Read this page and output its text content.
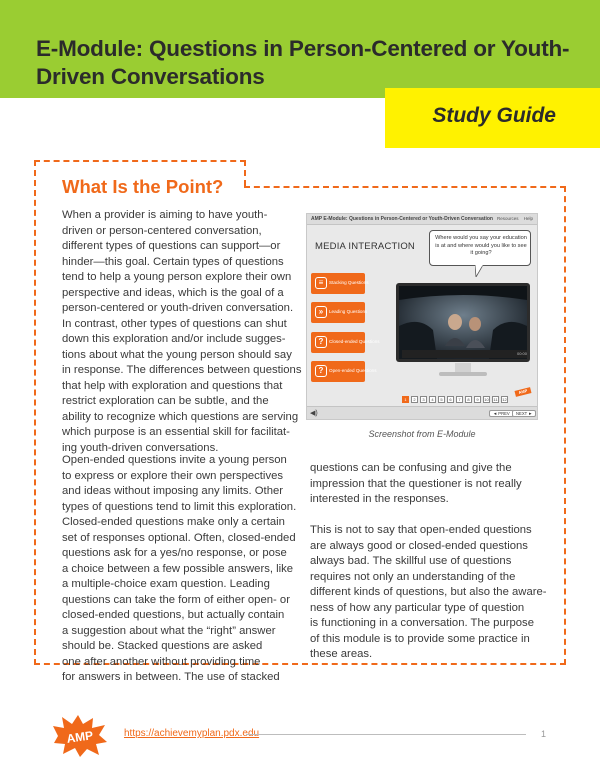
E-Module: Questions in Person-Centered or Youth-Driven Conversations
Study Guide
What Is the Point?
When a provider is aiming to have youth-
driven or person-centered conversation,
different types of questions can support—or
hinder—this goal. Certain types of questions
tend to help a young person explore their own
perspective and ideas, which is the goal of a
person-centered or youth-driven conversation.
In contrast, other types of questions can shut
down this exploration and/or include sugges-
tions about what the young person should say
in response. The differences between questions
that help with exploration and questions that
restrict exploration can be subtle, and the
ability to recognize which questions are serving
which purpose is an essential skill for facilitat-
ing youth-driven conversations.
Open-ended questions invite a young person
to express or explore their own perspectives
and ideas without imposing any limits. Other
types of questions tend to limit this exploration.
Closed-ended questions make only a certain
set of responses optional. Often, closed-ended
questions ask for a yes/no response, or pose
a choice between a few possible answers, like
a multiple-choice exam question. Leading
questions can take the form of either open- or
closed-ended questions, but actually contain
a suggestion about what the “right” answer
should be. Stacked questions are asked
one after another without providing time
for answers in between. The use of stacked
questions can be confusing and give the
impression that the questioner is not really
interested in the responses.
This is not to say that open-ended questions
are always good or closed-ended questions
always bad. The skillful use of questions
requires not only an understanding of the
different kinds of questions, but also the aware-
ness of how any particular type of question
is functioning in a conversation. The purpose
of this module is to provide some practice in
these areas.
AMP E-Module: Questions in Person-Centered or Youth-Driven Conversation Resources Help
MEDIA INTERACTION
≡	Stacking Questions
»	Leading Questions
?	Closed-ended Questions
?	Open-ended Questions
00:00
Where would you say your education is at and where would you like to see it going?
1	2	3	4	5	6	7	8	9	10	11	12
AMP
◀)	◄ PREV	NEXT ►
Screenshot from E-Module
AMP	https://achievemyplan.pdx.edu	1
